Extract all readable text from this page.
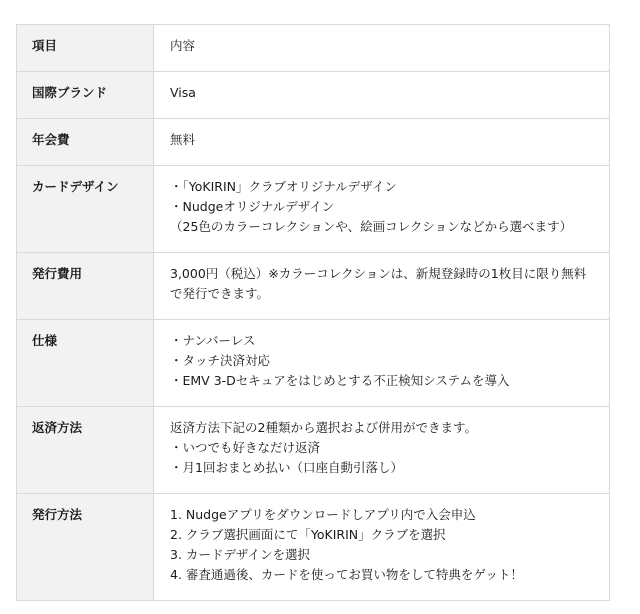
項目	内容
国際ブランド	Visa

年会費	無料

カードデザイン	・「YoKIRIN」クラブオリジナルデザイン
・Nudgeオリジナルデザイン
（25色のカラーコレクションや、絵画コレクションなどから選べます）

発行費用	3,000円（税込）※カラーコレクションは、新規登録時の1枚目に限り無料で発行できます。

仕様	・ナンバーレス
・タッチ決済対応
・EMV 3-Dセキュアをはじめとする不正検知システムを導入

返済方法	返済方法下記の2種類から選択および併用ができます。
・いつでも好きなだけ返済
・月1回おまとめ払い（口座自動引落し）

発行方法	1. Nudgeアプリをダウンロードしアプリ内で入会申込
2. クラブ選択画面にて「YoKIRIN」クラブを選択
3. カードデザインを選択
4. 審査通過後、カードを使ってお買い物をして特典をゲット！
